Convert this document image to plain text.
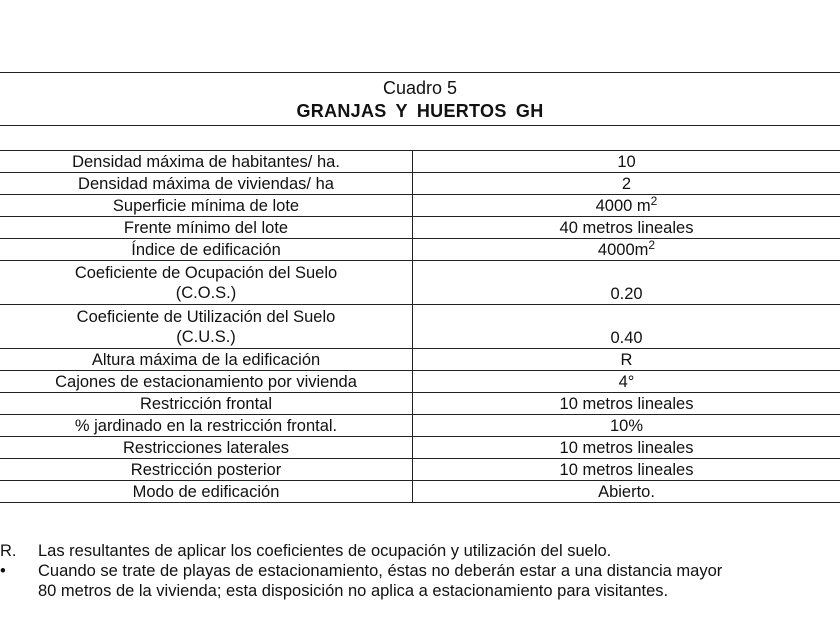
Cuadro 5
GRANJAS Y HUERTOS GH
Densidad máxima de habitantes/ ha.	10

Densidad máxima de viviendas/ ha	2

Superficie mínima de lote	4000 $m^2$

Frente mínimo del lote	40 metros lineales

Índice de edificación	$4000m^2$

Coeficiente de Ocupación del Suelo
(C.O.S.)	0.20

Coeficiente de Utilización del Suelo
(C.U.S.)	0.40

Altura máxima de la edificación	R

Cajones de estacionamiento por vivienda	4°

Restricción frontal	10 metros lineales

% jardinado en la restricción frontal.	10%

Restricciones laterales	10 metros lineales

Restricción posterior	10 metros lineales

Modo de edificación	Abierto.
R. Las resultantes de aplicar los coeficientes de ocupación y utilización del suelo.
• Cuando se trate de playas de estacionamiento, éstas no deberán estar a una distancia mayor
80 metros de la vivienda; esta disposición no aplica a estacionamiento para visitantes.
